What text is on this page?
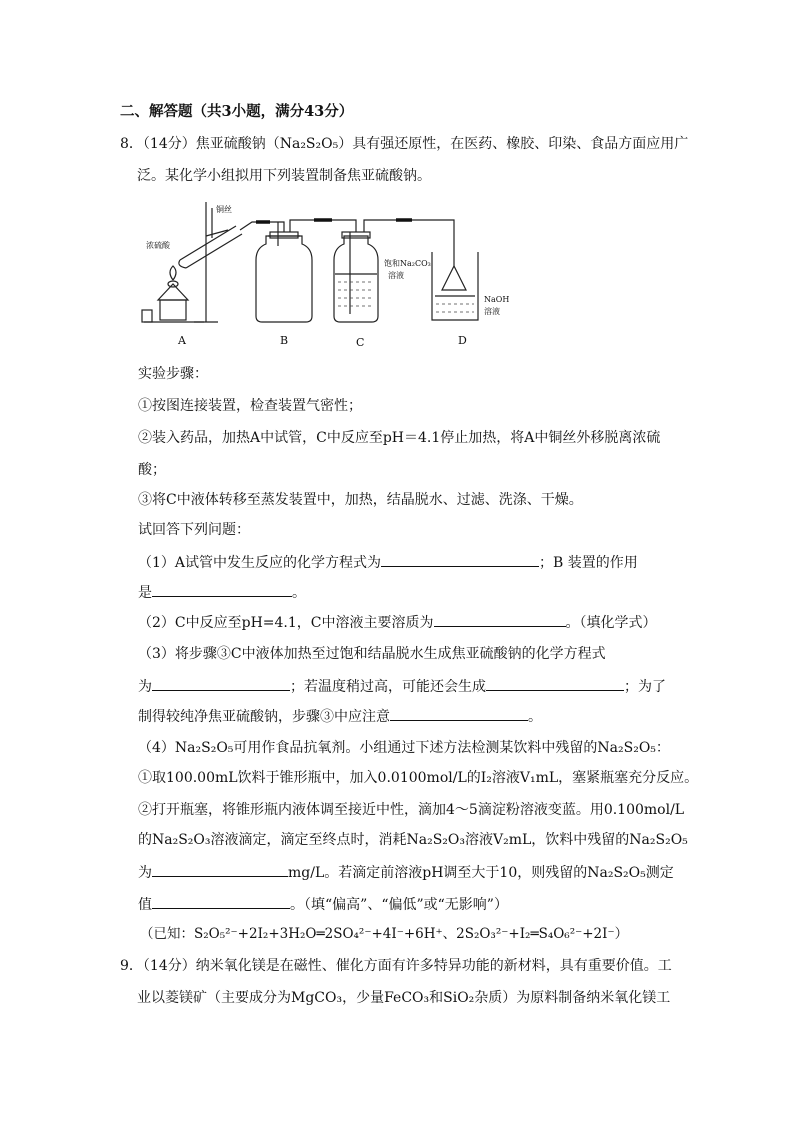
二、解答题（共3小题，满分43分）
8．（14分）焦亚硫酸钠（Na₂S₂O₅）具有强还原性，在医药、橡胶、印染、食品方面应用广
泛。某化学小组拟用下列装置制备焦亚硫酸钠。
铜丝
浓硫酸
饱和Na₂CO₃
溶液
NaOH
溶液
A	B	C	D
实验步骤：
①按图连接装置，检查装置气密性；
②装入药品，加热A中试管，C中反应至pH＝4.1停止加热，将A中铜丝外移脱离浓硫
酸；
③将C中液体转移至蒸发装置中，加热，结晶脱水、过滤、洗涤、干燥。
试回答下列问题：
（1）A试管中发生反应的化学方程式为	；B 装置的作用
是	。
（2）C中反应至pH=4.1，C中溶液主要溶质为	。（填化学式）
（3）将步骤③C中液体加热至过饱和结晶脱水生成焦亚硫酸钠的化学方程式
为	；若温度稍过高，可能还会生成	；为了
制得较纯净焦亚硫酸钠，步骤③中应注意	。
（4）Na₂S₂O₅可用作食品抗氧剂。小组通过下述方法检测某饮料中残留的Na₂S₂O₅：
①取100.00mL饮料于锥形瓶中，加入0.0100mol/L的I₂溶液V₁mL，塞紧瓶塞充分反应。
②打开瓶塞，将锥形瓶内液体调至接近中性，滴加4～5滴淀粉溶液变蓝。用0.100mol/L
的Na₂S₂O₃溶液滴定，滴定至终点时，消耗Na₂S₂O₃溶液V₂mL，饮料中残留的Na₂S₂O₅
为	mg/L。若滴定前溶液pH调至大于10，则残留的Na₂S₂O₅测定
值	。（填“偏高”、“偏低”或“无影响”）
（已知：S₂O₅²⁻+2I₂+3H₂O═2SO₄²⁻+4I⁻+6H⁺、2S₂O₃²⁻+I₂═S₄O₆²⁻+2I⁻）
9．（14分）纳米氧化镁是在磁性、催化方面有许多特异功能的新材料，具有重要价值。工
业以菱镁矿（主要成分为MgCO₃，少量FeCO₃和SiO₂杂质）为原料制备纳米氧化镁工
